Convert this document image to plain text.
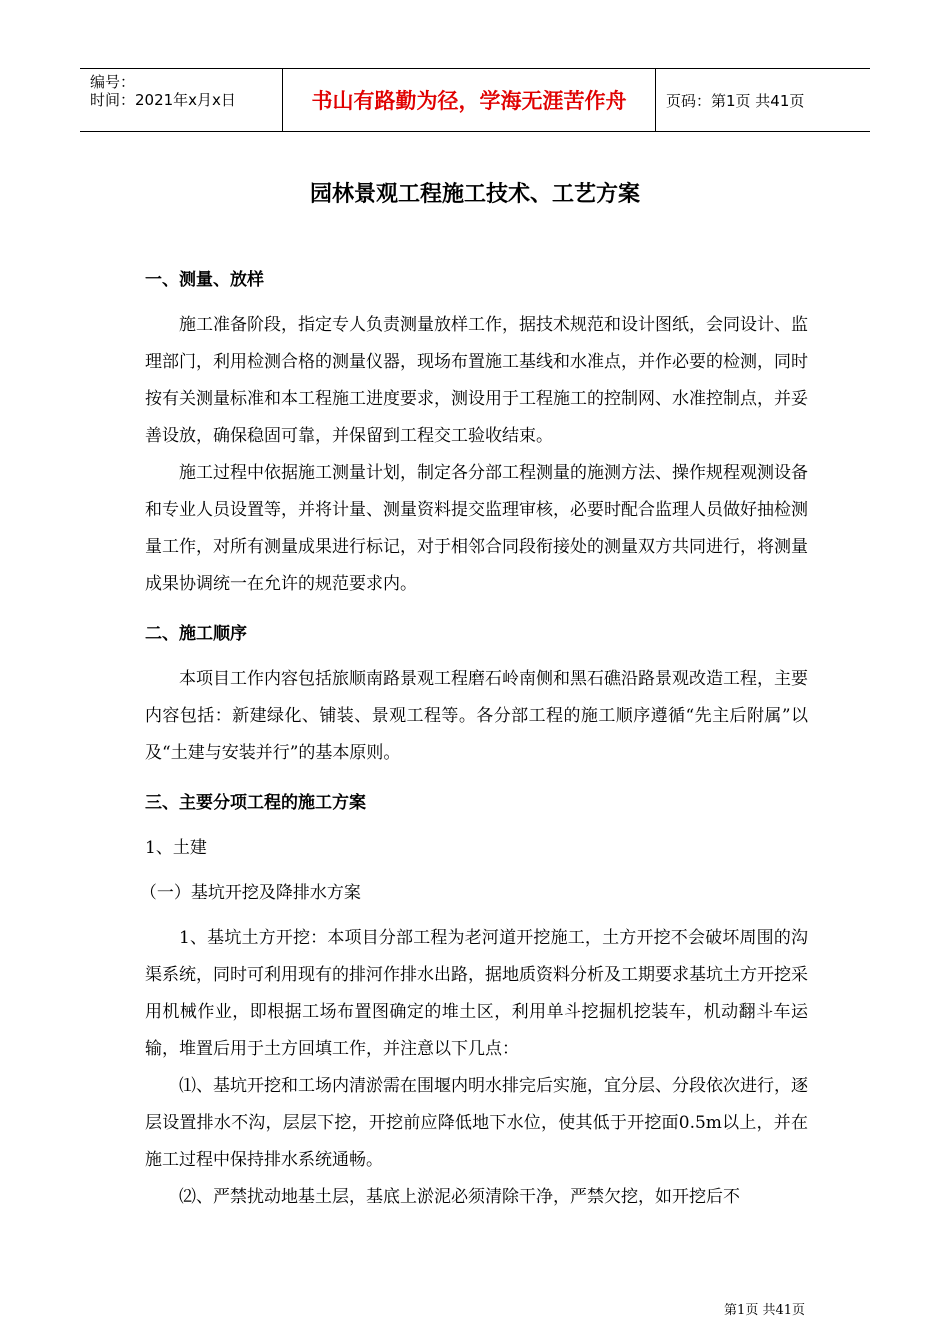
编号：
时间：2021年x月x日	书山有路勤为径，学海无涯苦作舟	页码：第1页 共41页
园林景观工程施工技术、工艺方案
一、测量、放样

施工准备阶段，指定专人负责测量放样工作，据技术规范和设计图纸，会同设计、监理部门，利用检测合格的测量仪器，现场布置施工基线和水准点，并作必要的检测，同时按有关测量标准和本工程施工进度要求，测设用于工程施工的控制网、水准控制点，并妥善设放，确保稳固可靠，并保留到工程交工验收结束。

施工过程中依据施工测量计划，制定各分部工程测量的施测方法、操作规程观测设备和专业人员设置等，并将计量、测量资料提交监理审核，必要时配合监理人员做好抽检测量工作，对所有测量成果进行标记，对于相邻合同段衔接处的测量双方共同进行，将测量成果协调统一在允许的规范要求内。

二、施工顺序

本项目工作内容包括旅顺南路景观工程磨石岭南侧和黑石礁沿路景观改造工程，主要内容包括：新建绿化、铺装、景观工程等。各分部工程的施工顺序遵循“先主后附属”以及“土建与安装并行”的基本原则。

三、主要分项工程的施工方案

1、土建

（一）基坑开挖及降排水方案

1、基坑土方开挖：本项目分部工程为老河道开挖施工，土方开挖不会破坏周围的沟渠系统，同时可利用现有的排河作排水出路，据地质资料分析及工期要求基坑土方开挖采用机械作业，即根据工场布置图确定的堆土区，利用单斗挖掘机挖装车，机动翻斗车运输，堆置后用于土方回填工作，并注意以下几点：

⑴、基坑开挖和工场内清淤需在围堰内明水排完后实施，宜分层、分段依次进行，逐层设置排水不沟，层层下挖，开挖前应降低地下水位，使其低于开挖面0.5m以上，并在施工过程中保持排水系统通畅。

⑵、严禁扰动地基土层，基底上淤泥必须清除干净，严禁欠挖，如开挖后不

第1页 共41页
